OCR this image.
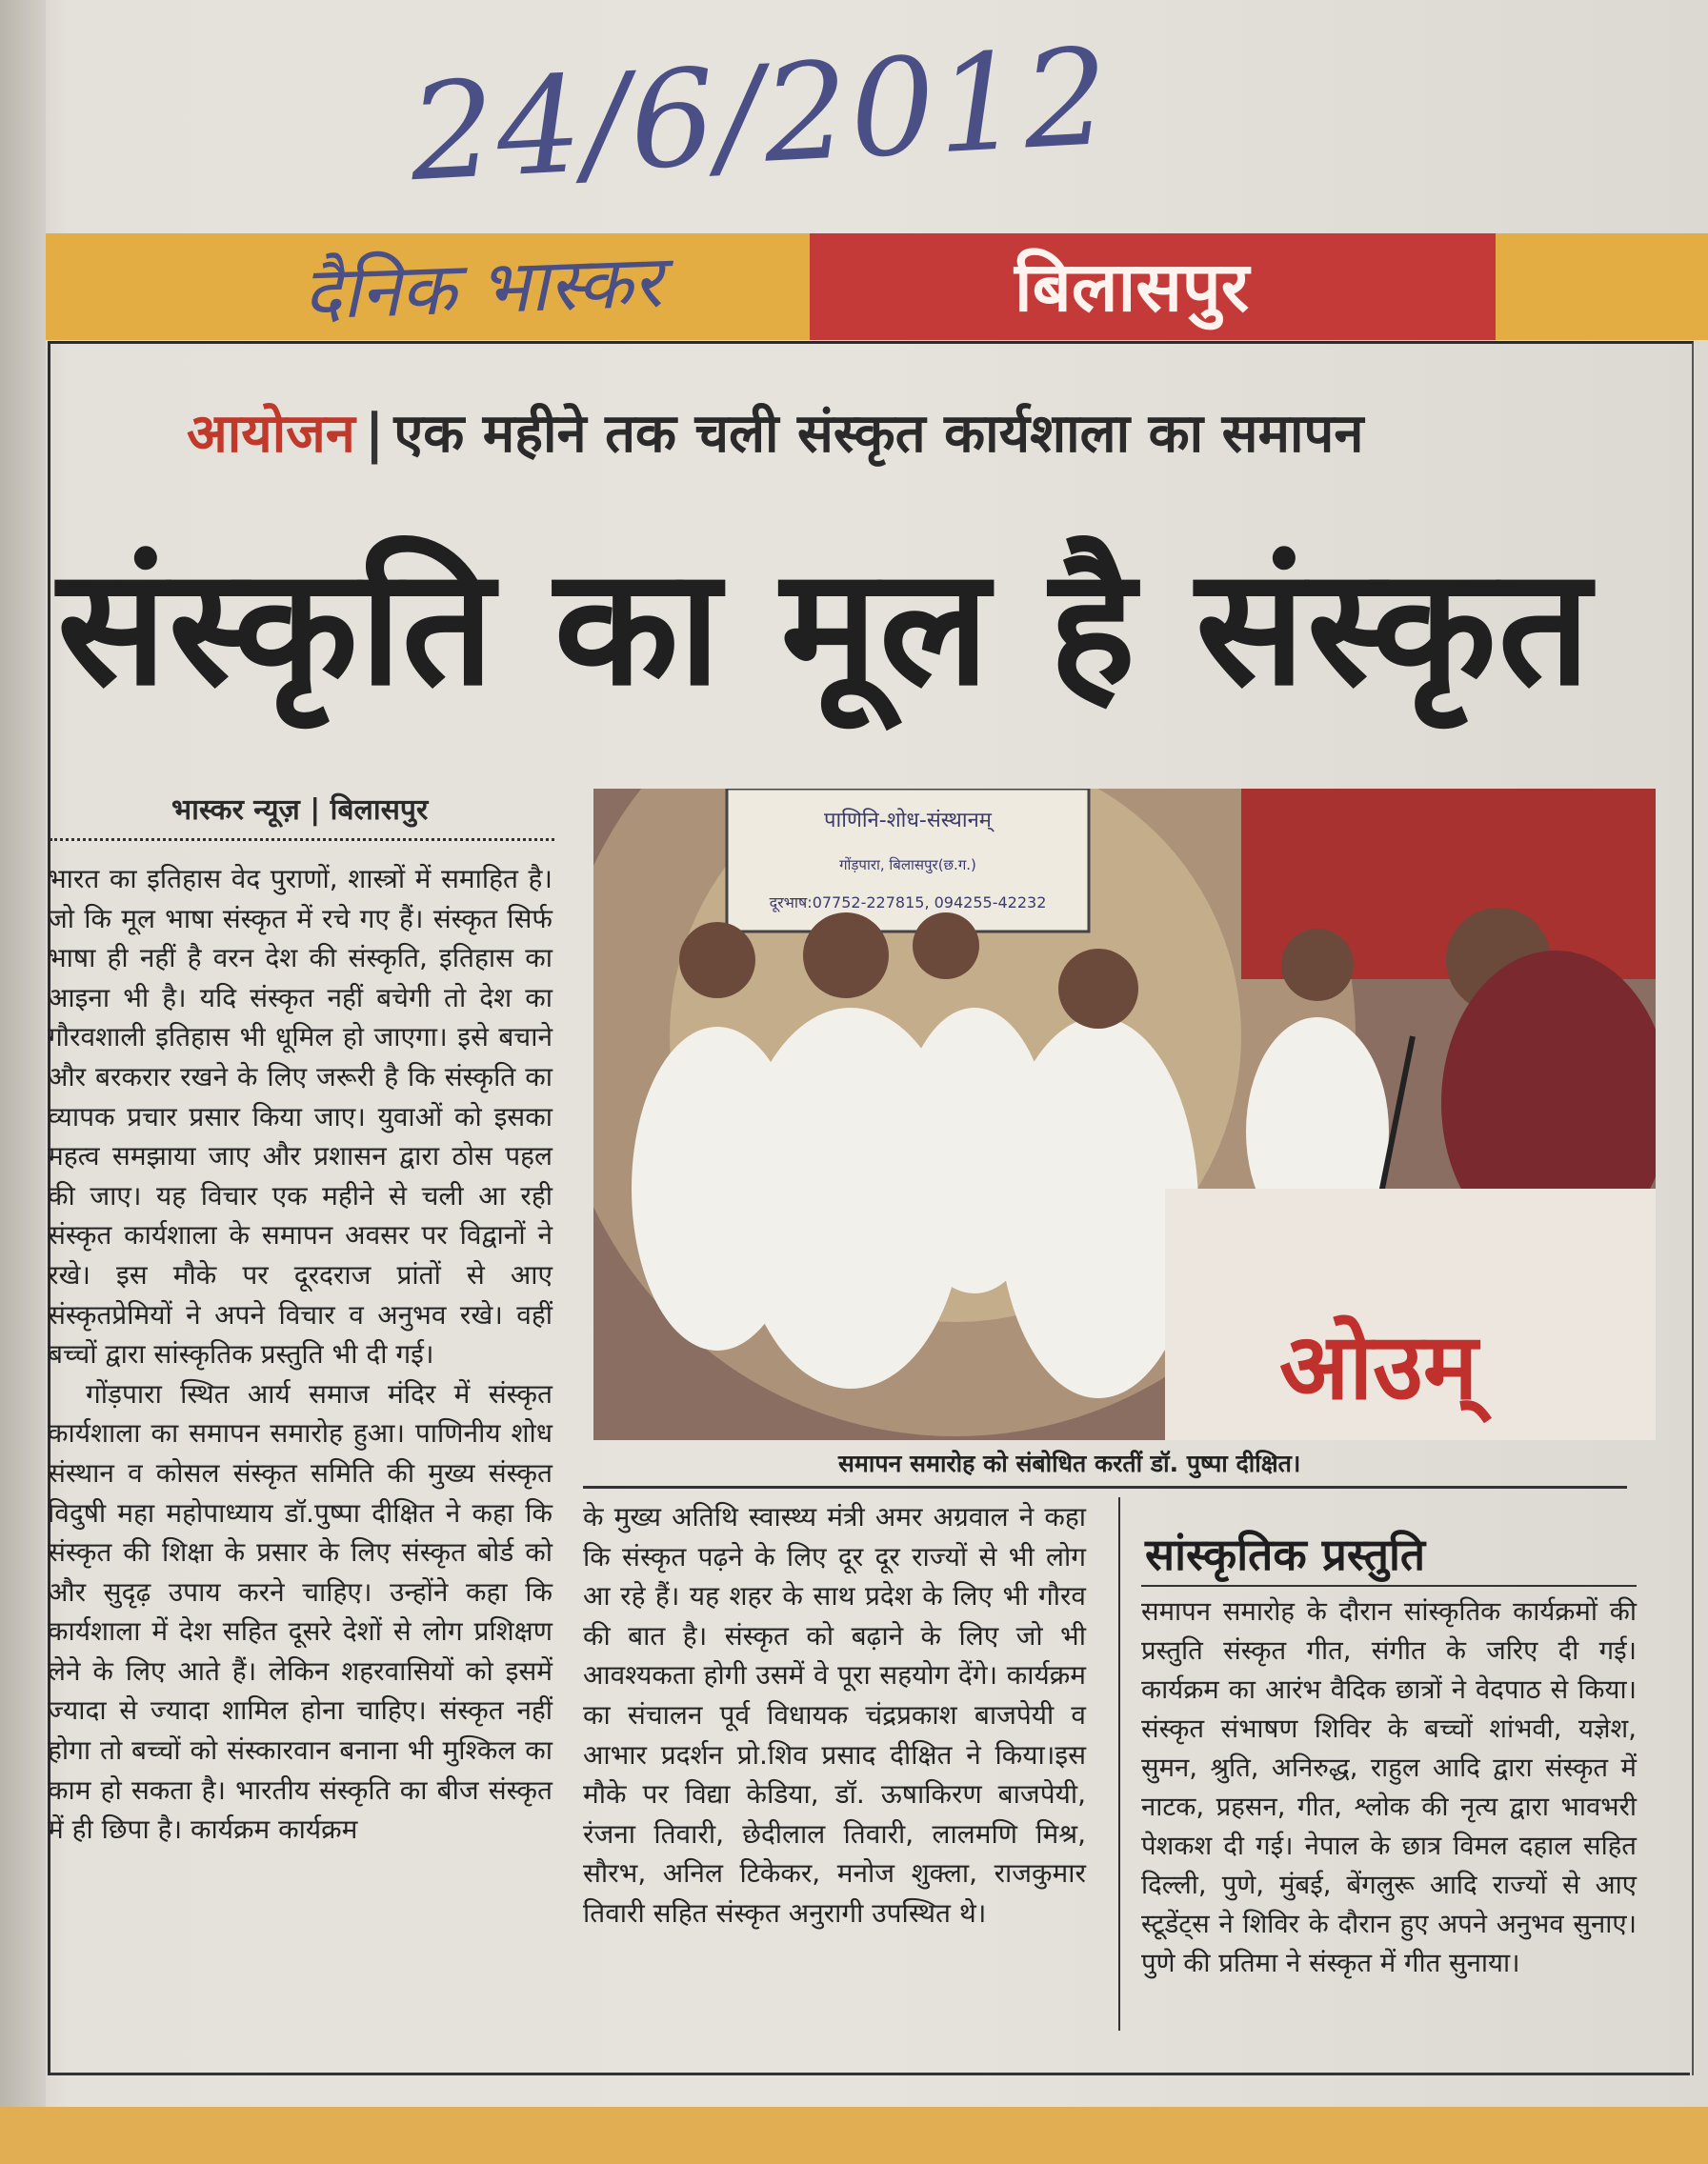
बिलासपुर
24/6/2012
दैनिक भास्कर
आयोजन | एक महीने तक चली संस्कृत कार्यशाला का समापन
संस्कृति का मूल है संस्कृत
भास्कर न्यूज़ | बिलासपुर

भारत का इतिहास वेद पुराणों, शास्त्रों में समाहित है। जो कि मूल भाषा संस्कृत में रचे गए हैं। संस्कृत सिर्फ भाषा ही नहीं है वरन देश की संस्कृति, इतिहास का आइना भी है। यदि संस्कृत नहीं बचेगी तो देश का गौरवशाली इतिहास भी धूमिल हो जाएगा। इसे बचाने और बरकरार रखने के लिए जरूरी है कि संस्कृति का व्यापक प्रचार प्रसार किया जाए। युवाओं को इसका महत्व समझाया जाए और प्रशासन द्वारा ठोस पहल की जाए। यह विचार एक महीने से चली आ रही संस्कृत कार्यशाला के समापन अवसर पर विद्वानों ने रखे। इस मौके पर दूरदराज प्रांतों से आए संस्कृतप्रेमियों ने अपने विचार व अनुभव रखे। वहीं बच्चों द्वारा सांस्कृतिक प्रस्तुति भी दी गई।

गोंड़पारा स्थित आर्य समाज मंदिर में संस्कृत कार्यशाला का समापन समारोह हुआ। पाणिनीय शोध संस्थान व कोसल संस्कृत समिति की मुख्य संस्कृत विदुषी महा महोपाध्याय डॉ.पुष्पा दीक्षित ने कहा कि संस्कृत की शिक्षा के प्रसार के लिए संस्कृत बोर्ड को और सुदृढ़ उपाय करने चाहिए। उन्होंने कहा कि कार्यशाला में देश सहित दूसरे देशों से लोग प्रशिक्षण लेने के लिए आते हैं। लेकिन शहरवासियों को इसमें ज्यादा से ज्यादा शामिल होना चाहिए। संस्कृत नहीं होगा तो बच्चों को संस्कारवान बनाना भी मुश्किल का काम हो सकता है। भारतीय संस्कृति का बीज संस्कृत में ही छिपा है। कार्यक्रम कार्यक्रम

पाणिनि-शोध-संस्थानम्
गोंड़पारा, बिलासपुर(छ.ग.)
दूरभाष:07752-227815, 094255-42232
ओउम्
समापन समारोह को संबोधित करतीं डॉ. पुष्पा दीक्षित।
के मुख्य अतिथि स्वास्थ्य मंत्री अमर अग्रवाल ने कहा कि संस्कृत पढ़ने के लिए दूर दूर राज्यों से भी लोग आ रहे हैं। यह शहर के साथ प्रदेश के लिए भी गौरव की बात है। संस्कृत को बढ़ाने के लिए जो भी आवश्यकता होगी उसमें वे पूरा सहयोग देंगे। कार्यक्रम का संचालन पूर्व विधायक चंद्रप्रकाश बाजपेयी व आभार प्रदर्शन प्रो.शिव प्रसाद दीक्षित ने किया।इस मौके पर विद्या केडिया, डॉ. ऊषाकिरण बाजपेयी, रंजना तिवारी, छेदीलाल तिवारी, लालमणि मिश्र, सौरभ, अनिल टिकेकर, मनोज शुक्ला, राजकुमार तिवारी सहित संस्कृत अनुरागी उपस्थित थे।
सांस्कृतिक प्रस्तुति
समापन समारोह के दौरान सांस्कृतिक कार्यक्रमों की प्रस्तुति संस्कृत गीत, संगीत के जरिए दी गई। कार्यक्रम का आरंभ वैदिक छात्रों ने वेदपाठ से किया। संस्कृत संभाषण शिविर के बच्चों शांभवी, यज्ञेश, सुमन, श्रुति, अनिरुद्ध, राहुल आदि द्वारा संस्कृत में नाटक, प्रहसन, गीत, श्लोक की नृत्य द्वारा भावभरी पेशकश दी गई। नेपाल के छात्र विमल दहाल सहित दिल्ली, पुणे, मुंबई, बेंगलुरू आदि राज्यों से आए स्टूडेंट्स ने शिविर के दौरान हुए अपने अनुभव सुनाए। पुणे की प्रतिमा ने संस्कृत में गीत सुनाया।
